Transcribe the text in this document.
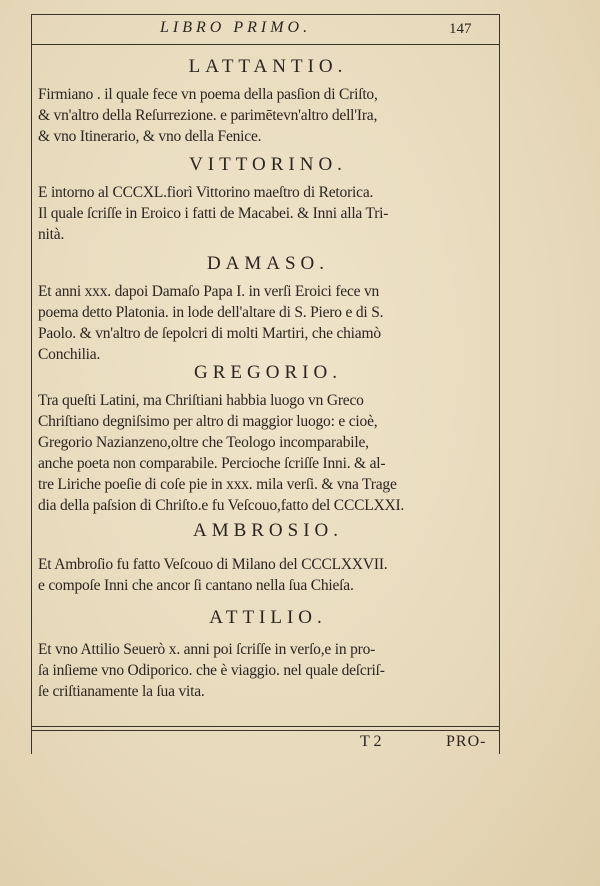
LIBRO PRIMO.	147
LATTANTIO.
Firmiano . il quale fece vn poema della pasſion di Criſto,
& vn'altro della Reſurrezione. e parimētevn'altro dell'Ira,
& vno Itinerario, & vno della Fenice.
VITTORINO.
E intorno al CCCXL.fiorì Vittorino maeſtro di Retorica.
Il quale ſcriſſe in Eroico i fatti de Macabei. & Inni alla Tri-
nità.
DAMASO.
Et anni xxx. dapoi Damaſo Papa I. in verſi Eroici fece vn
poema detto Platonia. in lode dell'altare di S. Piero e di S.
Paolo. & vn'altro de ſepolcri di molti Martiri, che chiamò
Conchilia.
GREGORIO.
Tra queſti Latini, ma Chriſtiani habbia luogo vn Greco
Chriſtiano degniſsimo per altro di maggior luogo: e cioè,
Gregorio Nazianzeno,oltre che Teologo incomparabile,
anche poeta non comparabile. Percioche ſcriſſe Inni. & al-
tre Liriche poeſie di coſe pie in xxx. mila verſi. & vna Trage
dia della paſsion di Chriſto.e fu Veſcouo,fatto del CCCLXXI.
AMBROSIO.
Et Ambroſio fu fatto Veſcouo di Milano del CCCLXXVII.
e compoſe Inni che ancor ſi cantano nella ſua Chieſa.
ATTILIO.
Et vno Attilio Seuerò x. anni poi ſcriſſe in verſo,e in pro-
ſa inſieme vno Odiporico. che è viaggio. nel quale deſcriſ-
ſe criſtianamente la ſua vita.
T 2	PRO-
